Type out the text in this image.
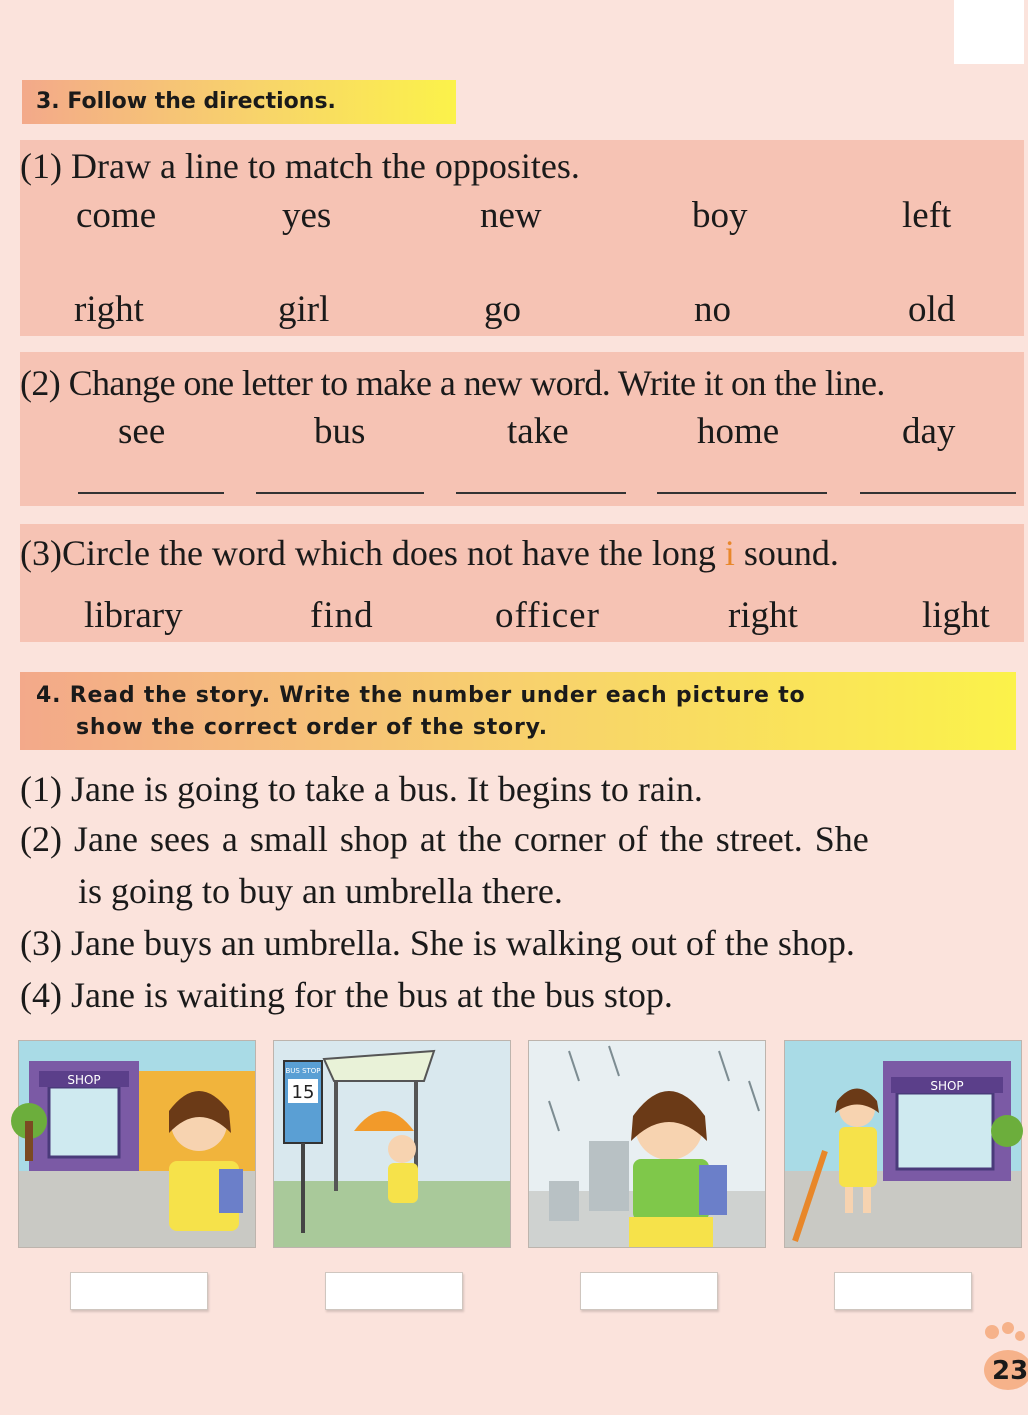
3. Follow the directions.
(1) Draw a line to match the opposites.
come	yes	new	boy	left
right	girl	go	no	old
(2) Change one letter to make a new word. Write it on the line.
see	bus	take	home	day
(3)Circle the word which does not have the long i sound.
library	find	officer	right	light
4. Read the story. Write the number under each picture to
show the correct order of the story.
(1) Jane is going to take a bus. It begins to rain.
(2) Jane sees a small shop at the corner of the street. She
is going to buy an umbrella there.
(3) Jane buys an umbrella. She is walking out of the shop.
(4) Jane is waiting for the bus at the bus stop.
SHOP
BUS STOP
15	SHOP
23
